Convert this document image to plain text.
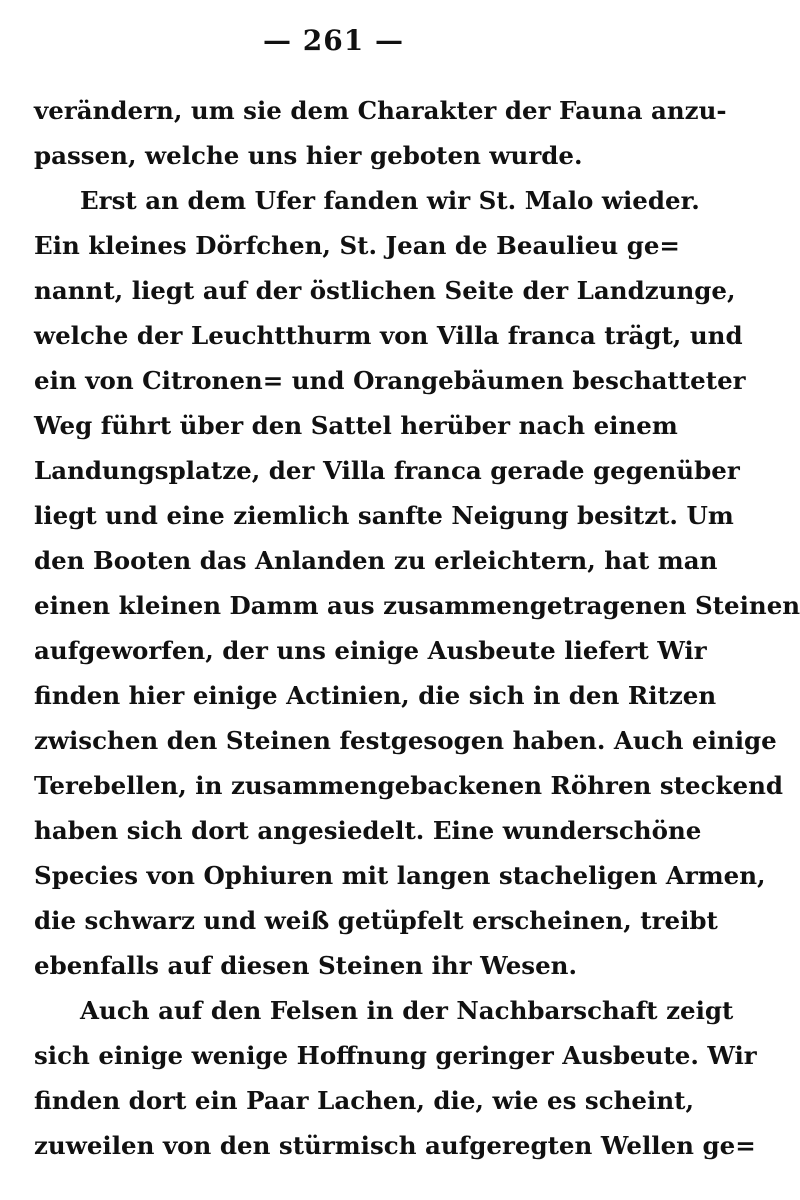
— 261 —
verändern, um sie dem Charakter der Fauna anzu-
passen, welche uns hier geboten wurde.
Erst an dem Ufer fanden wir St. Malo wieder.
Ein kleines Dörfchen, St. Jean de Beaulieu ge=
nannt, liegt auf der östlichen Seite der Landzunge,
welche der Leuchtthurm von Villa franca trägt, und
ein von Citronen= und Orangebäumen beschatteter
Weg führt über den Sattel herüber nach einem
Landungsplatze, der Villa franca gerade gegenüber
liegt und eine ziemlich sanfte Neigung besitzt. Um
den Booten das Anlanden zu erleichtern, hat man
einen kleinen Damm aus zusammengetragenen Steinen
aufgeworfen, der uns einige Ausbeute liefert Wir
finden hier einige Actinien, die sich in den Ritzen
zwischen den Steinen festgesogen haben. Auch einige
Terebellen, in zusammengebackenen Röhren steckend
haben sich dort angesiedelt. Eine wunderschöne
Species von Ophiuren mit langen stacheligen Armen,
die schwarz und weiß getüpfelt erscheinen, treibt
ebenfalls auf diesen Steinen ihr Wesen.
Auch auf den Felsen in der Nachbarschaft zeigt
sich einige wenige Hoffnung geringer Ausbeute. Wir
finden dort ein Paar Lachen, die, wie es scheint,
zuweilen von den stürmisch aufgeregten Wellen ge=
